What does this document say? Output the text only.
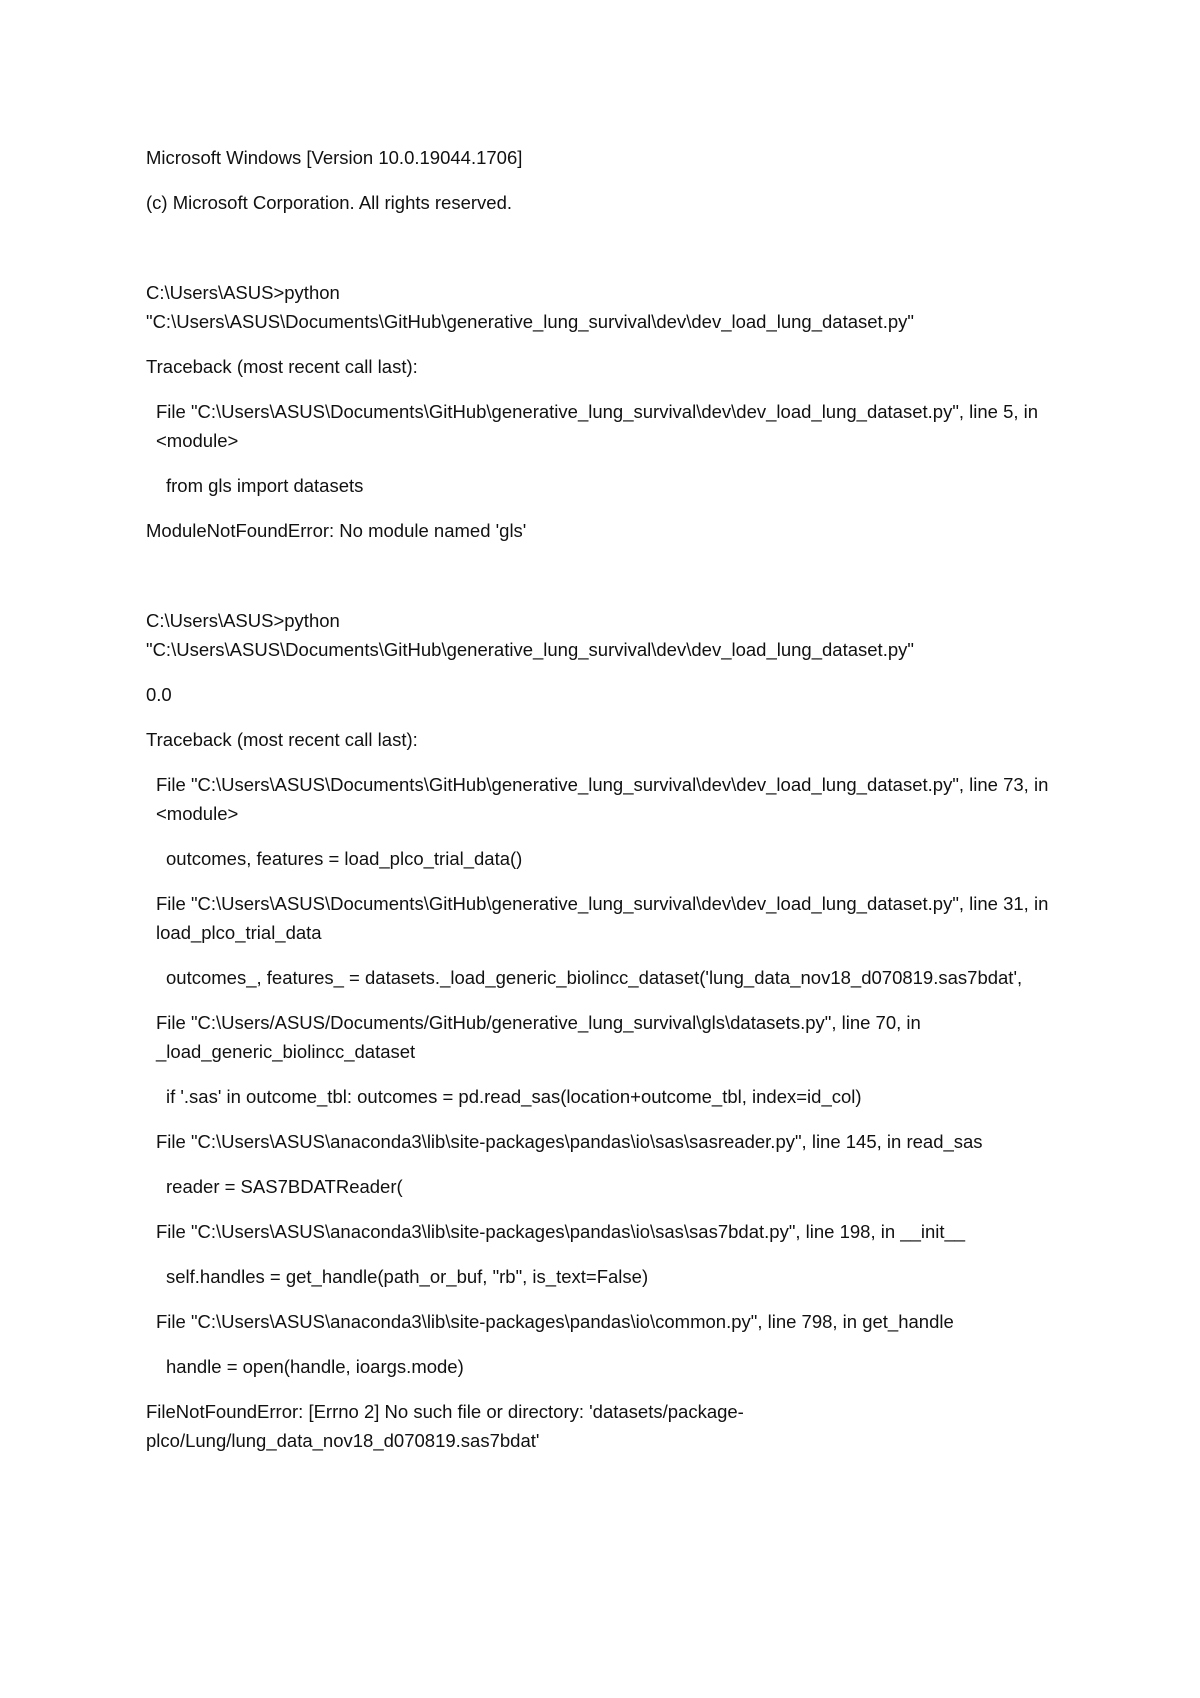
Microsoft Windows [Version 10.0.19044.1706]

(c) Microsoft Corporation. All rights reserved.

C:\Users\ASUS>python "C:\Users\ASUS\Documents\GitHub\generative_lung_survival\dev\dev_load_lung_dataset.py"

Traceback (most recent call last):

File "C:\Users\ASUS\Documents\GitHub\generative_lung_survival\dev\dev_load_lung_dataset.py", line 5, in <module>

from gls import datasets

ModuleNotFoundError: No module named 'gls'

C:\Users\ASUS>python "C:\Users\ASUS\Documents\GitHub\generative_lung_survival\dev\dev_load_lung_dataset.py"

0.0

Traceback (most recent call last):

File "C:\Users\ASUS\Documents\GitHub\generative_lung_survival\dev\dev_load_lung_dataset.py", line 73, in <module>

outcomes, features = load_plco_trial_data()

File "C:\Users\ASUS\Documents\GitHub\generative_lung_survival\dev\dev_load_lung_dataset.py", line 31, in load_plco_trial_data

outcomes_, features_ = datasets._load_generic_biolincc_dataset('lung_data_nov18_d070819.sas7bdat',

File "C:\Users/ASUS/Documents/GitHub/generative_lung_survival\gls\datasets.py", line 70, in _load_generic_biolincc_dataset

if '.sas' in outcome_tbl: outcomes = pd.read_sas(location+outcome_tbl, index=id_col)

File "C:\Users\ASUS\anaconda3\lib\site-packages\pandas\io\sas\sasreader.py", line 145, in read_sas

reader = SAS7BDATReader(

File "C:\Users\ASUS\anaconda3\lib\site-packages\pandas\io\sas\sas7bdat.py", line 198, in __init__

self.handles = get_handle(path_or_buf, "rb", is_text=False)

File "C:\Users\ASUS\anaconda3\lib\site-packages\pandas\io\common.py", line 798, in get_handle

handle = open(handle, ioargs.mode)

FileNotFoundError: [Errno 2] No such file or directory: 'datasets/package-plco/Lung/lung_data_nov18_d070819.sas7bdat'
